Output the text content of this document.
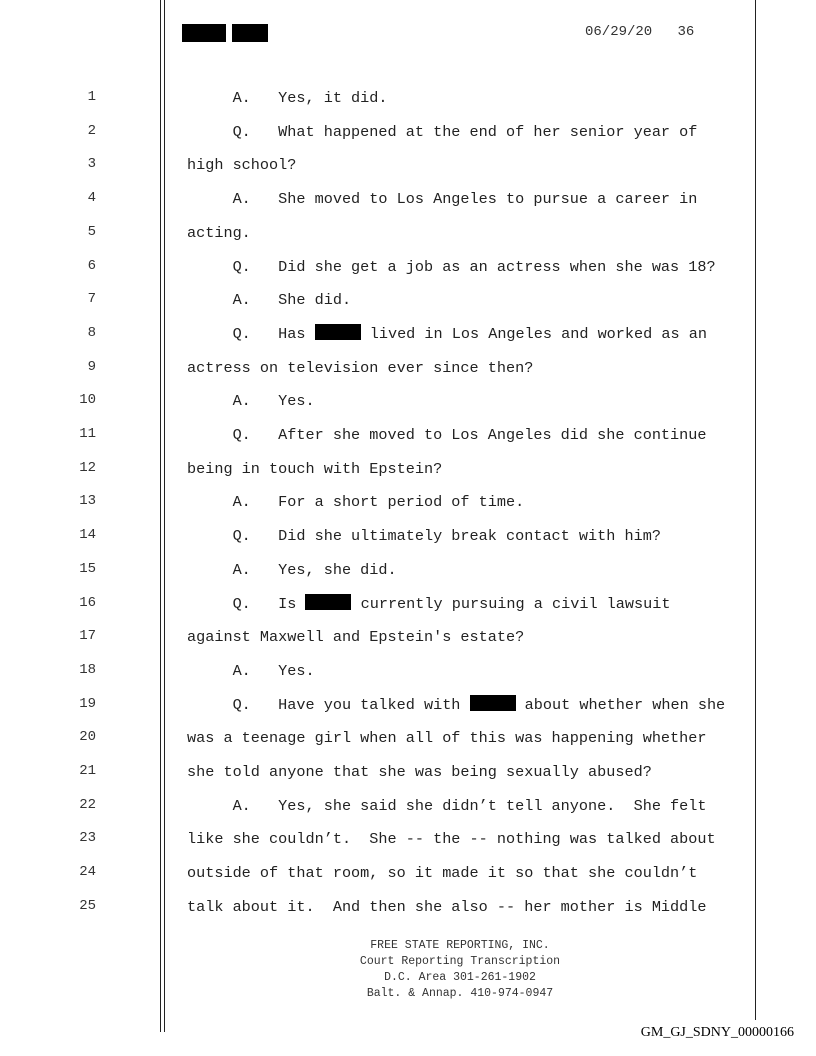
06/29/20 36
1	A.   Yes, it did.
2	Q.   What happened at the end of her senior year of
3	high school?
4	A.   She moved to Los Angeles to pursue a career in
5	acting.
6	Q.   Did she get a job as an actress when she was 18?
7	A.   She did.
8	Q.   Has	lived in Los Angeles and worked as an
9	actress on television ever since then?
10	A.   Yes.
11	Q.   After she moved to Los Angeles did she continue
12	being in touch with Epstein?
13	A.   For a short period of time.
14	Q.   Did she ultimately break contact with him?
15	A.   Yes, she did.
16	Q.   Is	currently pursuing a civil lawsuit
17	against Maxwell and Epstein's estate?
18	A.   Yes.
19	Q.   Have you talked with	about whether when she
20	was a teenage girl when all of this was happening whether
21	she told anyone that she was being sexually abused?
22	A.   Yes, she said she didn’t tell anyone.  She felt
23	like she couldn’t.  She -- the -- nothing was talked about
24	outside of that room, so it made it so that she couldn’t
25	talk about it.  And then she also -- her mother is Middle
FREE STATE REPORTING, INC.
Court Reporting Transcription
D.C. Area 301-261-1902
Balt. & Annap. 410-974-0947
GM_GJ_SDNY_00000166
